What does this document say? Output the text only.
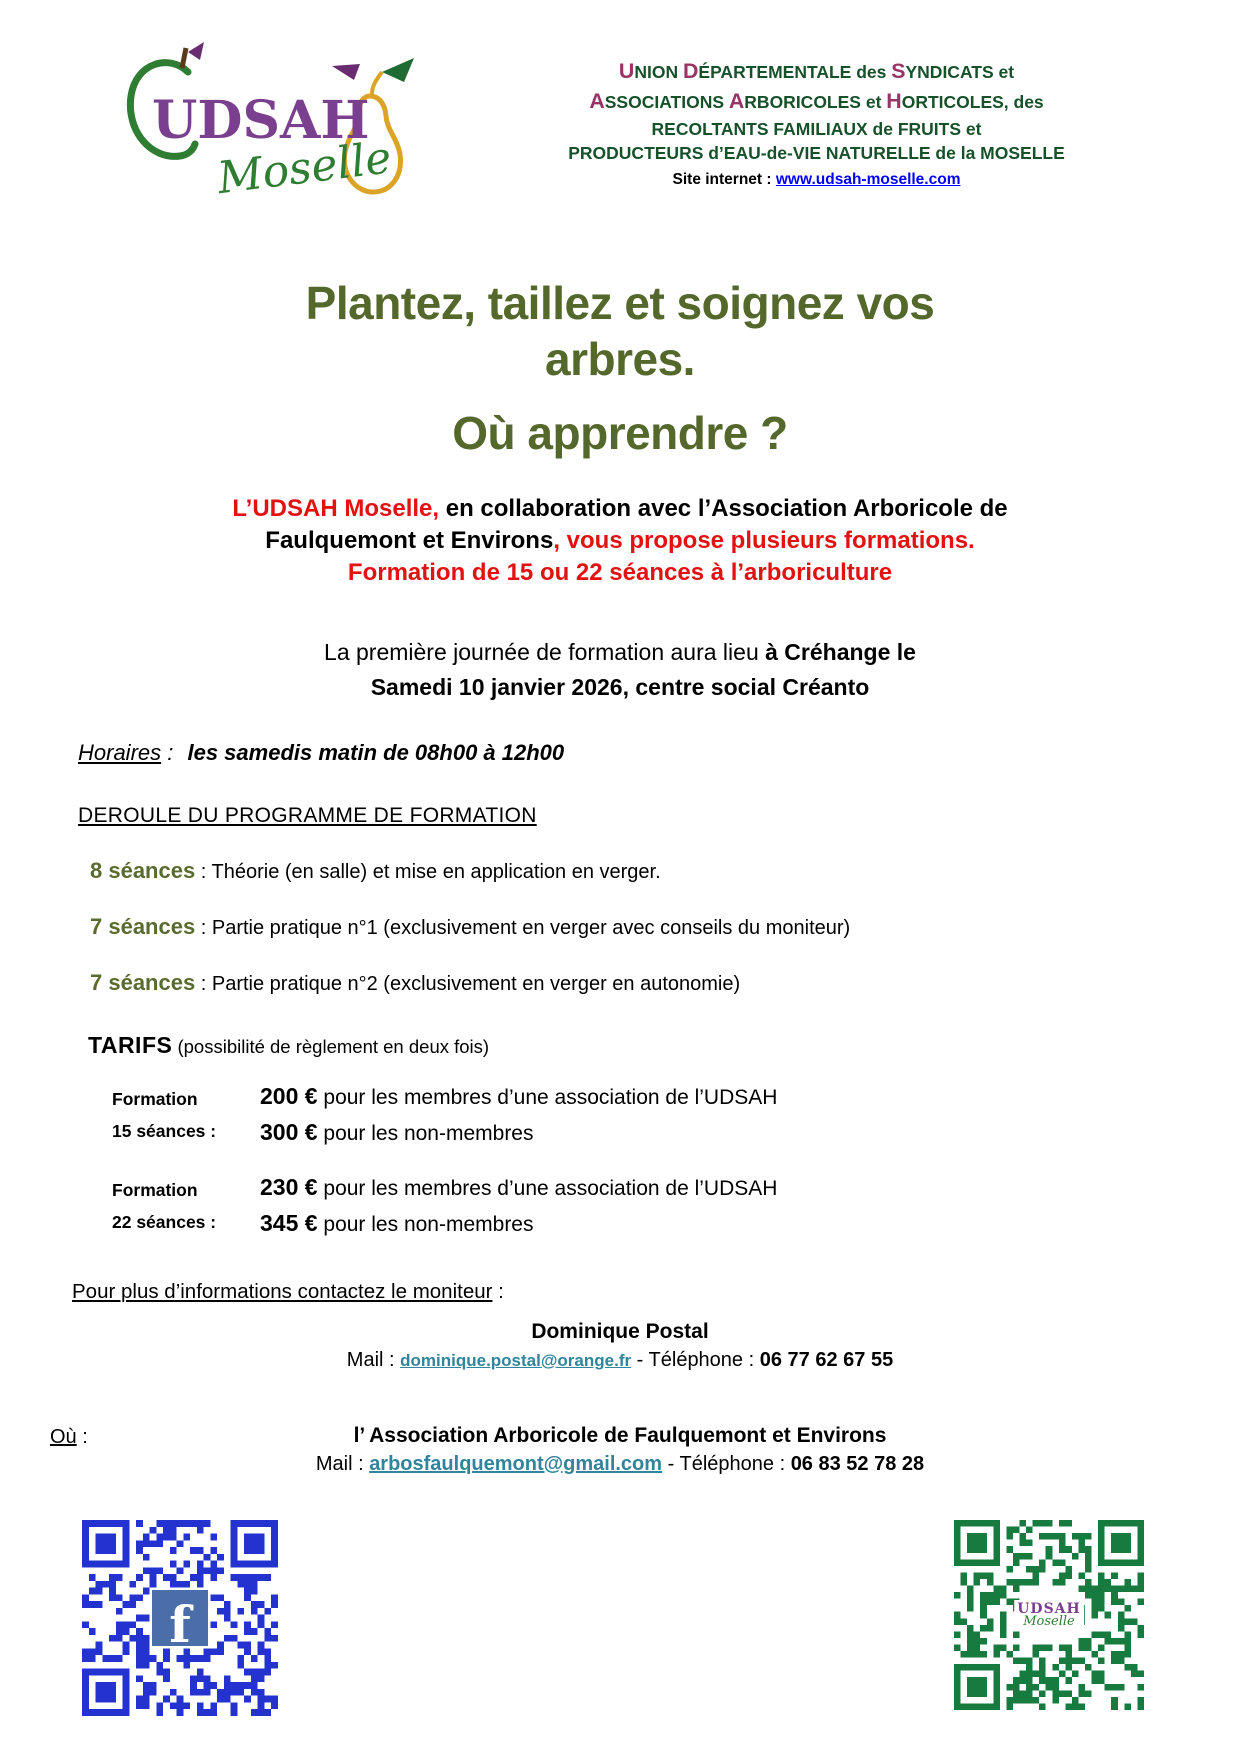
UDSAH
Moselle
UNION DÉPARTEMENTALE des SYNDICATS et
ASSOCIATIONS ARBORICOLES et HORTICOLES, des
RECOLTANTS FAMILIAUX de FRUITS et
PRODUCTEURS d’EAU-de-VIE NATURELLE de la MOSELLE
Site internet : www.udsah-moselle.com
Plantez, taillez et soignez vos
arbres.
Où apprendre ?
L’UDSAH Moselle, en collaboration avec l’Association Arboricole de
Faulquemont et Environs, vous propose plusieurs formations.
Formation de 15 ou 22 séances à l’arboriculture
La première journée de formation aura lieu à Créhange le
Samedi 10 janvier 2026, centre social Créanto
Horaires : les samedis matin de 08h00 à 12h00
DEROULE DU PROGRAMME DE FORMATION
8 séances : Théorie (en salle) et mise en application en verger.
7 séances : Partie pratique n°1 (exclusivement en verger avec conseils du moniteur)
7 séances : Partie pratique n°2 (exclusivement en verger en autonomie)
TARIFS (possibilité de règlement en deux fois)
Formation
15 séances :
200 € pour les membres d’une association de l’UDSAH
300 € pour les non-membres
Formation
22 séances :
230 € pour les membres d’une association de l’UDSAH
345 € pour les non-membres
Pour plus d’informations contactez le moniteur :
Dominique Postal
Mail : dominique.postal@orange.fr - Téléphone : 06 77 62 67 55
Où :	l’ Association Arboricole de Faulquemont et Environs
Mail : arbosfaulquemont@gmail.com - Téléphone : 06 83 52 78 28
f	UDSAH
Moselle
